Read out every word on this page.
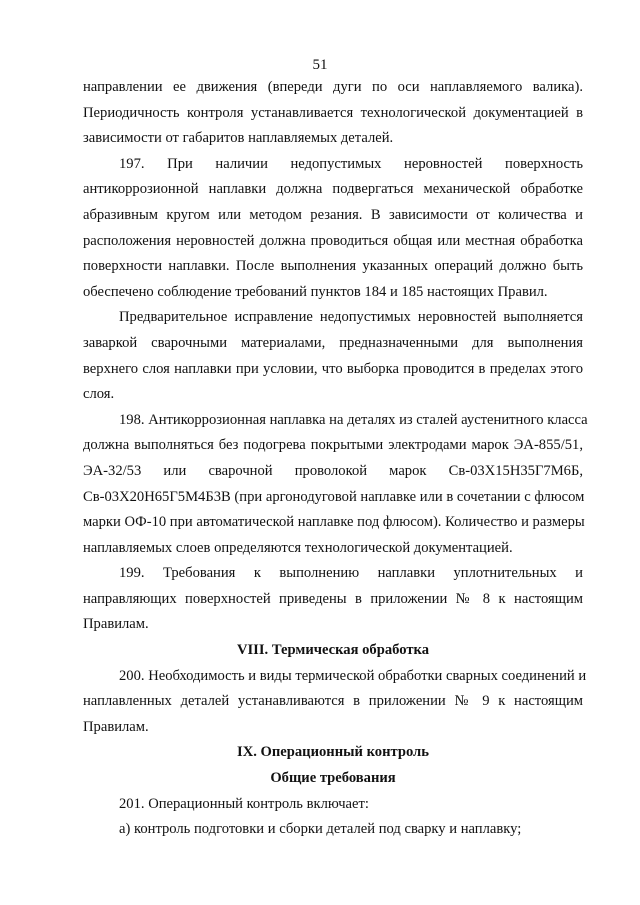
51
направлении ее движения (впереди дуги по оси наплавляемого валика).
Периодичность контроля устанавливается технологической документацией в
зависимости от габаритов наплавляемых деталей.
197. При наличии недопустимых неровностей поверхность
антикоррозионной наплавки должна подвергаться механической обработке
абразивным кругом или методом резания. В зависимости от количества и
расположения неровностей должна проводиться общая или местная обработка
поверхности наплавки. После выполнения указанных операций должно быть
обеспечено соблюдение требований пунктов 184 и 185 настоящих Правил.
Предварительное исправление недопустимых неровностей выполняется
заваркой сварочными материалами, предназначенными для выполнения
верхнего слоя наплавки при условии, что выборка проводится в пределах этого
слоя.
198. Антикоррозионная наплавка на деталях из сталей аустенитного класса
должна выполняться без подогрева покрытыми электродами марок ЭА-855/51,
ЭА-32/53 или сварочной проволокой марок Св-03Х15Н35Г7М6Б,
Св-03Х20Н65Г5М4Б3В (при аргонодуговой наплавке или в сочетании с флюсом
марки ОФ-10 при автоматической наплавке под флюсом). Количество и размеры
наплавляемых слоев определяются технологической документацией.
199. Требования к выполнению наплавки уплотнительных и
направляющих поверхностей приведены в приложении № 8 к настоящим
Правилам.
VIII. Термическая обработка
200. Необходимость и виды термической обработки сварных соединений и
наплавленных деталей устанавливаются в приложении № 9 к настоящим
Правилам.
IX. Операционный контроль
Общие требования
201. Операционный контроль включает:
а) контроль подготовки и сборки деталей под сварку и наплавку;
